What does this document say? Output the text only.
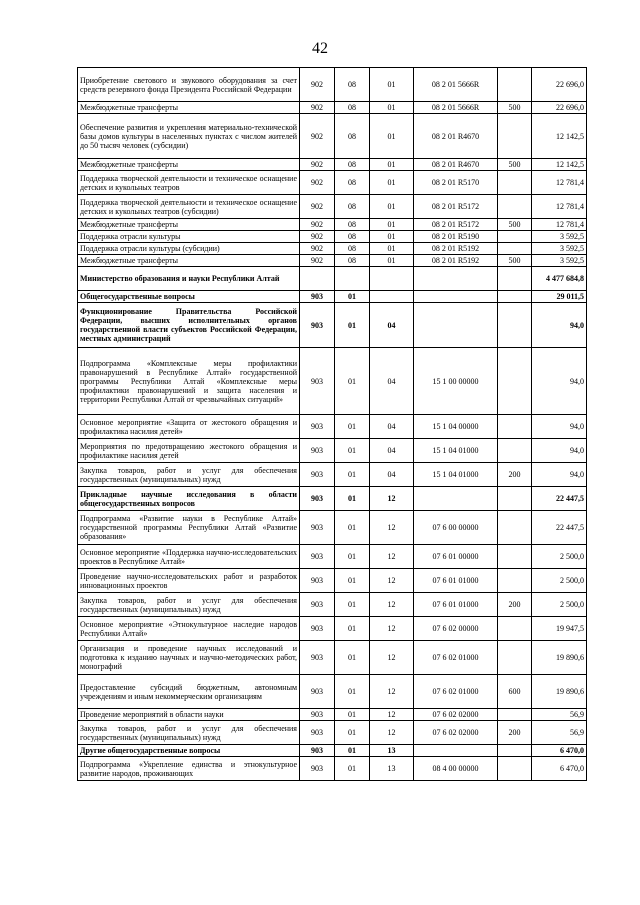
42
Приобретение светового и звукового оборудования за счет средств резервного фонда Президента Российской Федерации	902	08	01	08 2 01 5666R		22 696,0
Межбюджетные трансферты	902	08	01	08 2 01 5666R	500	22 696,0
Обеспечение развития и укрепления материально-технической базы домов культуры в населенных пунктах с числом жителей до 50 тысяч человек (субсидии)	902	08	01	08 2 01 R4670		12 142,5
Межбюджетные трансферты	902	08	01	08 2 01 R4670	500	12 142,5
Поддержка творческой деятельности и техническое оснащение детских и кукольных театров	902	08	01	08 2 01 R5170		12 781,4
Поддержка творческой деятельности и техническое оснащение детских и кукольных театров (субсидии)	902	08	01	08 2 01 R5172		12 781,4
Межбюджетные трансферты	902	08	01	08 2 01 R5172	500	12 781,4
Поддержка отрасли культуры	902	08	01	08 2 01 R5190		3 592,5
Поддержка отрасли культуры (субсидии)	902	08	01	08 2 01 R5192		3 592,5
Межбюджетные трансферты	902	08	01	08 2 01 R5192	500	3 592,5
Министерство образования и науки Республики Алтай						4 477 684,8
Общегосударственные вопросы	903	01				29 011,5
Функционирование Правительства Российской Федерации, высших исполнительных органов государственной власти субъектов Российской Федерации, местных администраций	903	01	04			94,0
Подпрограмма «Комплексные меры профилактики правонарушений в Республике Алтай» государственной программы Республики Алтай «Комплексные меры профилактики правонарушений и защита населения и территории Республики Алтай от чрезвычайных ситуаций»	903	01	04	15 1 00 00000		94,0
Основное мероприятие «Защита от жестокого обращения и профилактика насилия детей»	903	01	04	15 1 04 00000		94,0
Мероприятия по предотвращению жестокого обращения и профилактике насилия детей	903	01	04	15 1 04 01000		94,0
Закупка товаров, работ и услуг для обеспечения государственных (муниципальных) нужд	903	01	04	15 1 04 01000	200	94,0
Прикладные научные исследования в области общегосударственных вопросов	903	01	12			22 447,5
Подпрограмма «Развитие науки в Республике Алтай» государственной программы Республики Алтай «Развитие образования»	903	01	12	07 6 00 00000		22 447,5
Основное мероприятие «Поддержка научно-исследовательских проектов в Республике Алтай»	903	01	12	07 6 01 00000		2 500,0
Проведение научно-исследовательских работ и разработок инновационных проектов	903	01	12	07 6 01 01000		2 500,0
Закупка товаров, работ и услуг для обеспечения государственных (муниципальных) нужд	903	01	12	07 6 01 01000	200	2 500,0
Основное мероприятие «Этнокультурное наследие народов Республики Алтай»	903	01	12	07 6 02 00000		19 947,5
Организация и проведение научных исследований и подготовка к изданию научных и научно-методических работ, монографий	903	01	12	07 6 02 01000		19 890,6
Предоставление субсидий бюджетным, автономным учреждениям и иным некоммерческим организациям	903	01	12	07 6 02 01000	600	19 890,6
Проведение мероприятий в области науки	903	01	12	07 6 02 02000		56,9
Закупка товаров, работ и услуг для обеспечения государственных (муниципальных) нужд	903	01	12	07 6 02 02000	200	56,9
Другие общегосударственные вопросы	903	01	13			6 470,0
Подпрограмма «Укрепление единства и этнокультурное развитие народов, проживающих	903	01	13	08 4 00 00000		6 470,0
